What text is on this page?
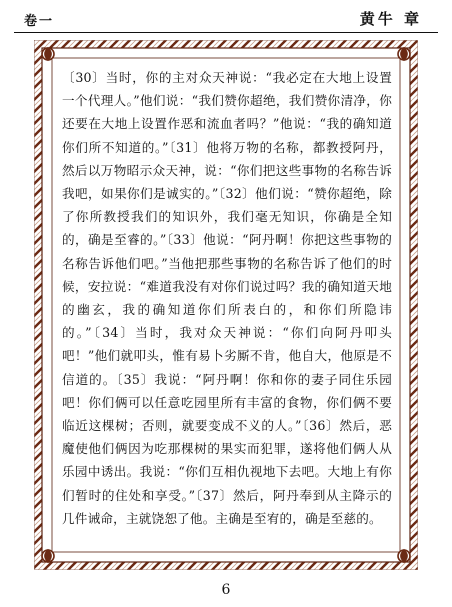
卷一	黄牛 章

〔30〕当时，你的主对众天神说：“我必定在大地上设置一个代理人。”他们说：“我们赞你超绝，我们赞你清净，你还要在大地上设置作恶和流血者吗？”他说：“我的确知道你们所不知道的。”〔31〕他将万物的名称，都教授阿丹，然后以万物昭示众天神，说：“你们把这些事物的名称告诉我吧，如果你们是诚实的。”〔32〕他们说：“赞你超绝，除了你所教授我们的知识外，我们毫无知识，你确是全知的，确是至睿的。”〔33〕他说：“阿丹啊！你把这些事物的名称告诉他们吧。”当他把那些事物的名称告诉了他们的时候，安拉说：“难道我没有对你们说过吗？我的确知道天地的幽玄，我的确知道你们所表白的，和你们所隐讳的。”〔34〕当时，我对众天神说：“你们向阿丹叩头吧！”他们就叩头，惟有易卜劣厮不肯，他自大，他原是不信道的。〔35〕我说：“阿丹啊！你和你的妻子同住乐园吧！你们俩可以任意吃园里所有丰富的食物，你们俩不要临近这棵树；否则，就要变成不义的人。”〔36〕然后，恶魔使他们俩因为吃那棵树的果实而犯罪，遂将他们俩人从乐园中诱出。我说：“你们互相仇视地下去吧。大地上有你们暂时的住处和享受。”〔37〕然后，阿丹奉到从主降示的几件诫命，主就饶恕了他。主确是至宥的，确是至慈的。

6
